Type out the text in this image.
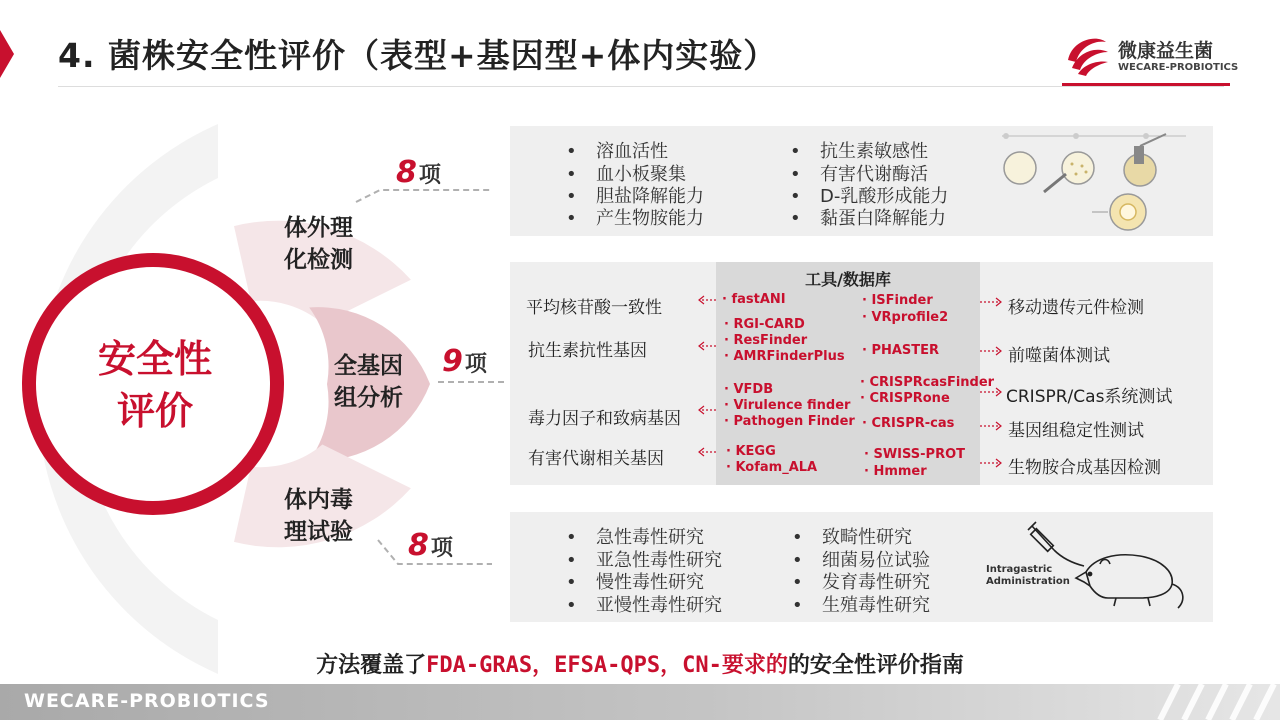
4. 菌株安全性评价（表型+基因型+体内实验）	微康益生菌
WECARE-PROBIOTICS
安全性
评价
体外理
化检测
全基因
组分析
体内毒
理试验
8项
9项
8项
• 溶血活性
• 血小板聚集
• 胆盐降解能力
• 产生物胺能力
• 抗生素敏感性
• 有害代谢酶活
• D-乳酸形成能力
• 黏蛋白降解能力
工具/数据库
平均核苷酸一致性
抗生素抗性基因
毒力因子和致病基因
有害代谢相关基因
· fastANI
· RGI-CARD
· ResFinder
· AMRFinderPlus
· VFDB
· Virulence finder
· Pathogen Finder
· KEGG
· Kofam_ALA
· ISFinder
· VRprofile2
· PHASTER
· CRISPRcasFinder
· CRISPRone
· CRISPR-cas
· SWISS-PROT
· Hmmer
移动遗传元件检测
前噬菌体测试
CRISPR/Cas系统测试
基因组稳定性测试
生物胺合成基因检测
• 急性毒性研究
• 亚急性毒性研究
• 慢性毒性研究
• 亚慢性毒性研究
• 致畸性研究
• 细菌易位试验
• 发育毒性研究
• 生殖毒性研究
Intragastric
Administration
方法覆盖了FDA-GRAS，EFSA-QPS，CN-要求的的安全性评价指南
WECARE-PROBIOTICS
